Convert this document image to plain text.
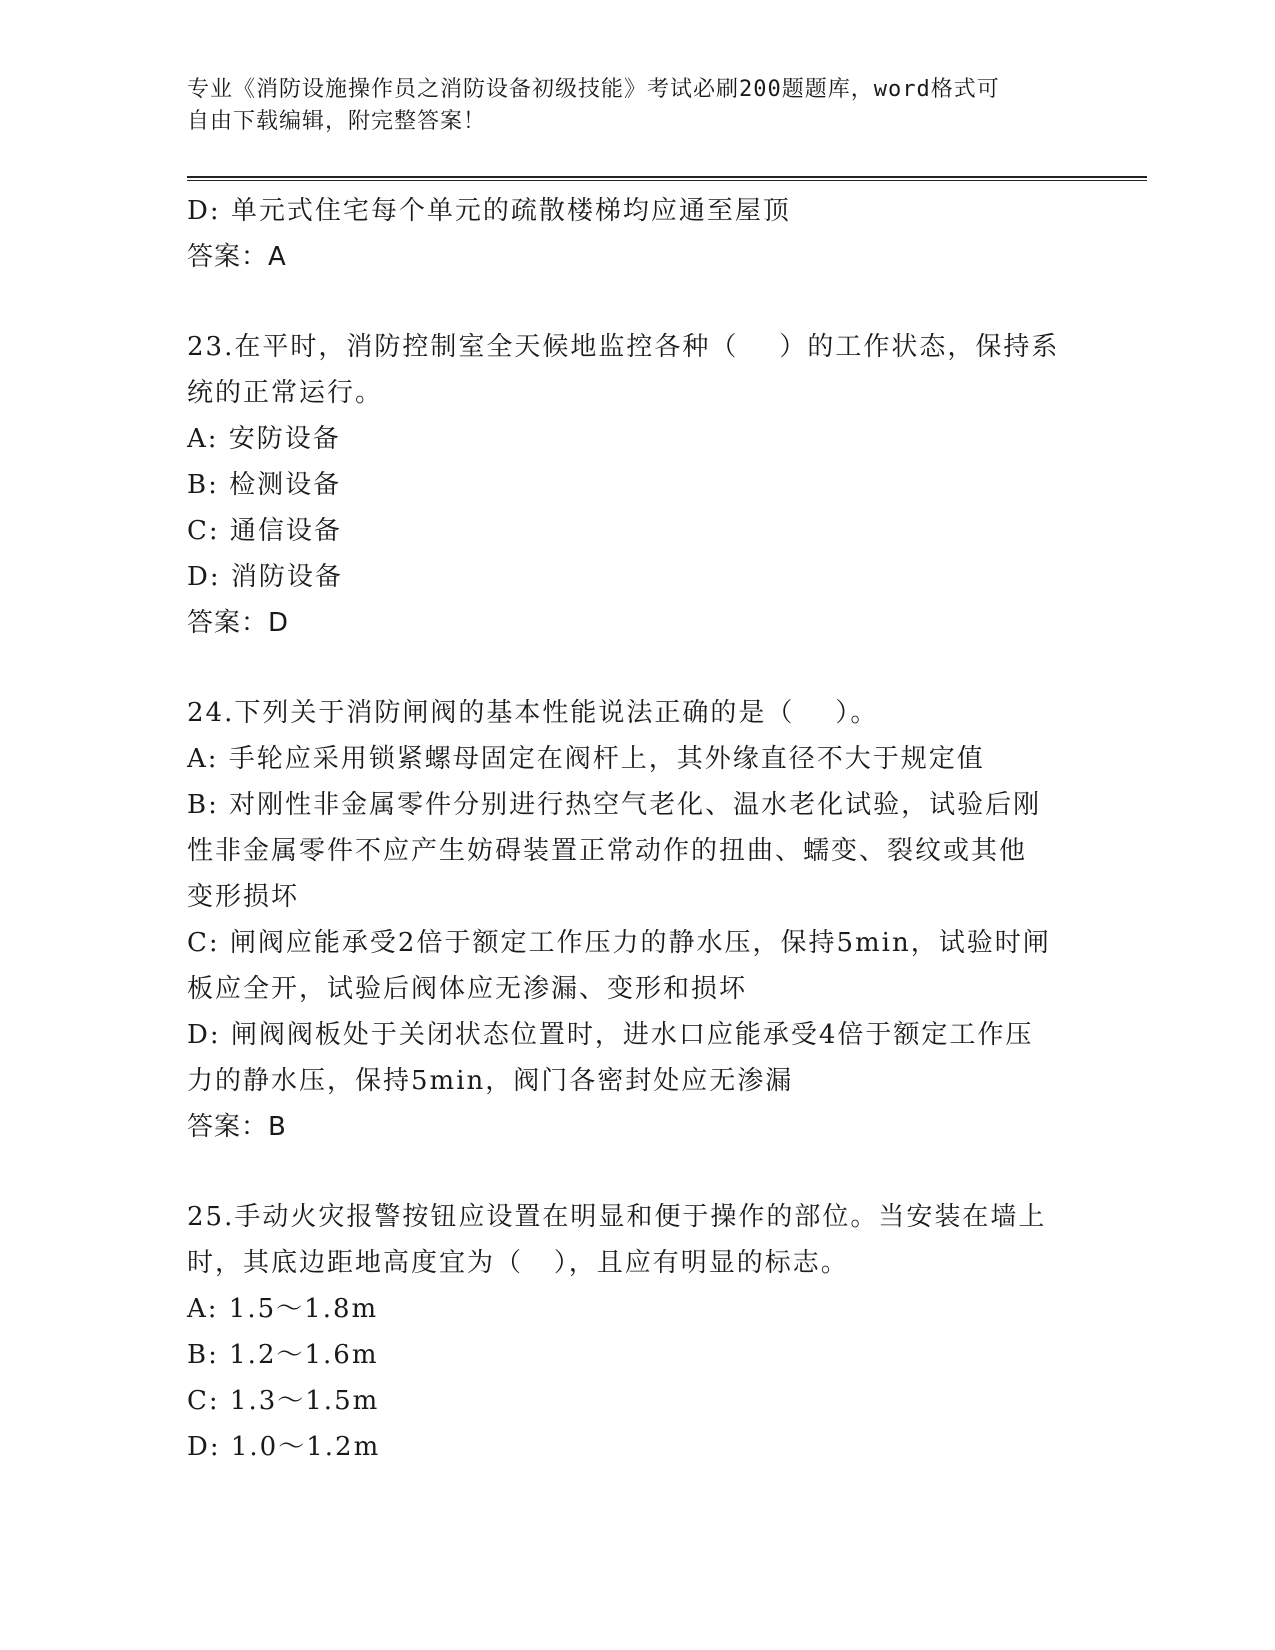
专业《消防设施操作员之消防设备初级技能》考试必刷200题题库，word格式可
自由下载编辑，附完整答案！

D: 单元式住宅每个单元的疏散楼梯均应通至屋顶

答案：A

23.在平时，消防控制室全天候地监控各种（    ）的工作状态，保持系

统的正常运行。

A: 安防设备

B: 检测设备

C: 通信设备

D: 消防设备

答案：D

24.下列关于消防闸阀的基本性能说法正确的是（    ）。

A: 手轮应采用锁紧螺母固定在阀杆上，其外缘直径不大于规定值

B: 对刚性非金属零件分别进行热空气老化、温水老化试验，试验后刚

性非金属零件不应产生妨碍装置正常动作的扭曲、蠕变、裂纹或其他

变形损坏

C: 闸阀应能承受2倍于额定工作压力的静水压，保持5min，试验时闸

板应全开，试验后阀体应无渗漏、变形和损坏

D: 闸阀阀板处于关闭状态位置时，进水口应能承受4倍于额定工作压

力的静水压，保持5min，阀门各密封处应无渗漏

答案：B

25.手动火灾报警按钮应设置在明显和便于操作的部位。当安装在墙上

时，其底边距地高度宜为（   ），且应有明显的标志。

A: 1.5～1.8m

B: 1.2～1.6m

C: 1.3～1.5m

D: 1.0～1.2m
